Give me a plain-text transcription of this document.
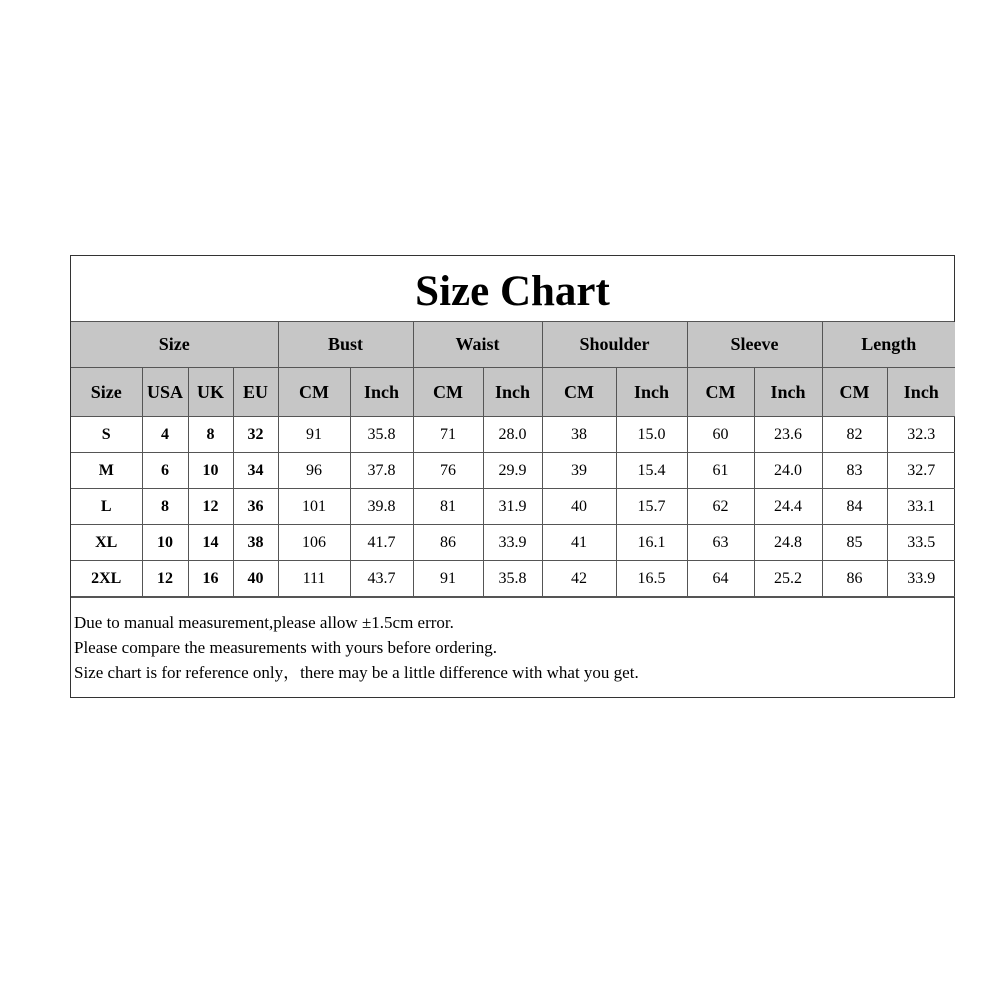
Size Chart
Size				Bust		Waist		Shoulder		Sleeve		Length	
Size	USA	UK	EU	CM	Inch	CM	Inch	CM	Inch	CM	Inch	CM	Inch
S	4	8	32	91	35.8	71	28.0	38	15.0	60	23.6	82	32.3
M	6	10	34	96	37.8	76	29.9	39	15.4	61	24.0	83	32.7
L	8	12	36	101	39.8	81	31.9	40	15.7	62	24.4	84	33.1
XL	10	14	38	106	41.7	86	33.9	41	16.1	63	24.8	85	33.5
2XL	12	16	40	111	43.7	91	35.8	42	16.5	64	25.2	86	33.9
Due to manual measurement,please allow ±1.5cm error.
Please compare the measurements with yours before ordering.
Size chart is for reference only，there may be a little difference with what you get.
